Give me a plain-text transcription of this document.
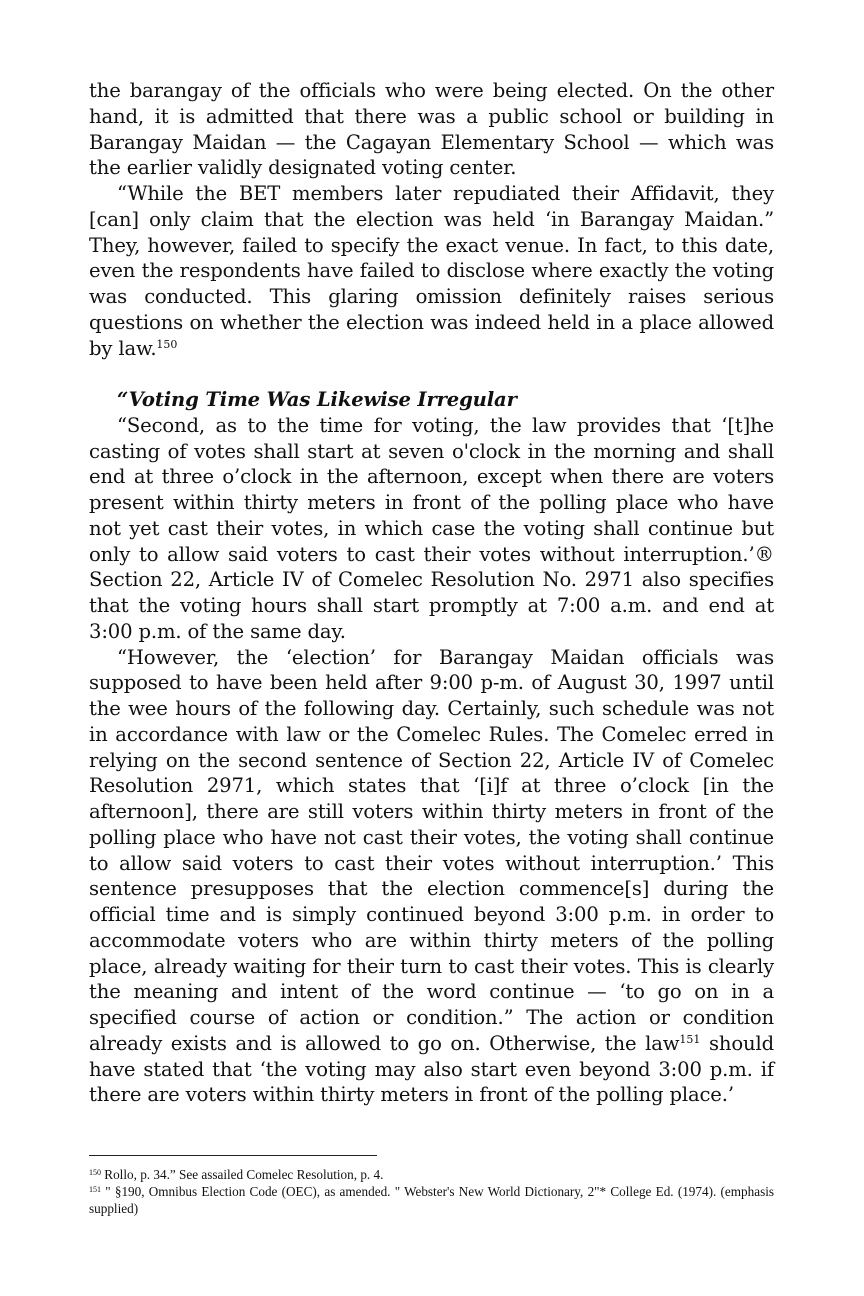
the barangay of the officials who were being elected. On the other hand, it is admitted that there was a public school or building in Barangay Maidan — the Cagayan Elementary School — which was the earlier validly designated voting center.

“While the BET members later repudiated their Affidavit, they [can] only claim that the election was held ‘in Barangay Maidan.” They, however, failed to specify the exact venue. In fact, to this date, even the respondents have failed to disclose where exactly the voting was conducted. This glaring omission definitely raises serious questions on whether the election was indeed held in a place allowed by law.$^{150}$

“Voting Time Was Likewise Irregular

“Second, as to the time for voting, the law provides that ‘[t]he casting of votes shall start at seven o'clock in the morning and shall end at three o’clock in the afternoon, except when there are voters present within thirty meters in front of the polling place who have not yet cast their votes, in which case the voting shall continue but only to allow said voters to cast their votes without interruption.’® Section 22, Article IV of Comelec Resolution No. 2971 also specifies that the voting hours shall start promptly at 7:00 a.m. and end at 3:00 p.m. of the same day.

“However, the ‘election’ for Barangay Maidan officials was supposed to have been held after 9:00 p-m. of August 30, 1997 until the wee hours of the following day. Certainly, such schedule was not in accordance with law or the Comelec Rules. The Comelec erred in relying on the second sentence of Section 22, Article IV of Comelec Resolution 2971, which states that ‘[i]f at three o’clock [in the afternoon], there are still voters within thirty meters in front of the polling place who have not cast their votes, the voting shall continue to allow said voters to cast their votes without interruption.’ This sentence presupposes that the election commence[s] during the official time and is simply continued beyond 3:00 p.m. in order to accommodate voters who are within thirty meters of the polling place, already waiting for their turn to cast their votes. This is clearly the meaning and intent of the word continue — ‘to go on in a specified course of action or condition.” The action or condition already exists and is allowed to go on. Otherwise, the law$^{151}$ should have stated that ‘the voting may also start even beyond 3:00 p.m. if there are voters within thirty meters in front of the polling place.’

$^{150}$ Rollo, p. 34.” See assailed Comelec Resolution, p. 4.

$^{151}$ " §190, Omnibus Election Code (OEC), as amended. " Webster's New World Dictionary, 2"* College Ed. (1974). (emphasis supplied)
